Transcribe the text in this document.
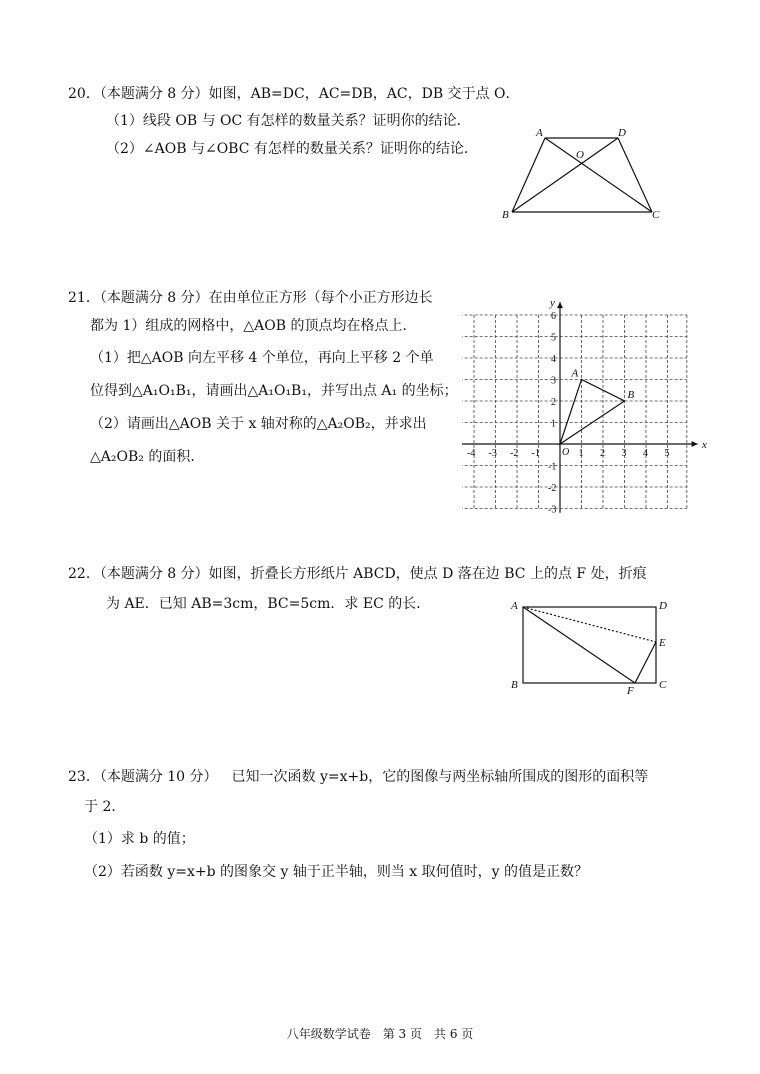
20．（本题满分 8 分）如图，AB=DC，AC=DB，AC，DB 交于点 O．
（1）线段 OB 与 OC 有怎样的数量关系？证明你的结论．
（2）∠AOB 与∠OBC 有怎样的数量关系？证明你的结论．
A	D
O
B	C
21．（本题满分 8 分）在由单位正方形（每个小正方形边长
都为 1）组成的网格中，△AOB 的顶点均在格点上．
（1）把△AOB 向左平移 4 个单位，再向上平移 2 个单
位得到△A₁O₁B₁，请画出△A₁O₁B₁，并写出点 A₁ 的坐标；
（2）请画出△AOB 关于 x 轴对称的△A₂OB₂，并求出
△A₂OB₂ 的面积．	-4 -3 -2 -1	1 2 3 4 5
6
5
4
3
2
1
-1
-2
-3
x
y
O
A
B
22．（本题满分 8 分）如图，折叠长方形纸片 ABCD，使点 D 落在边 BC 上的点 F 处，折痕
为 AE．已知 AB=3cm，BC=5cm．求 EC 的长．	A	D
E
B	F C
23．（本题满分 10 分） 已知一次函数 y=x+b，它的图像与两坐标轴所围成的图形的面积等
于 2．
（1）求 b 的值；
（2）若函数 y=x+b 的图象交 y 轴于正半轴，则当 x 取何值时，y 的值是正数？
八年级数学试卷　第 3 页　共 6 页
